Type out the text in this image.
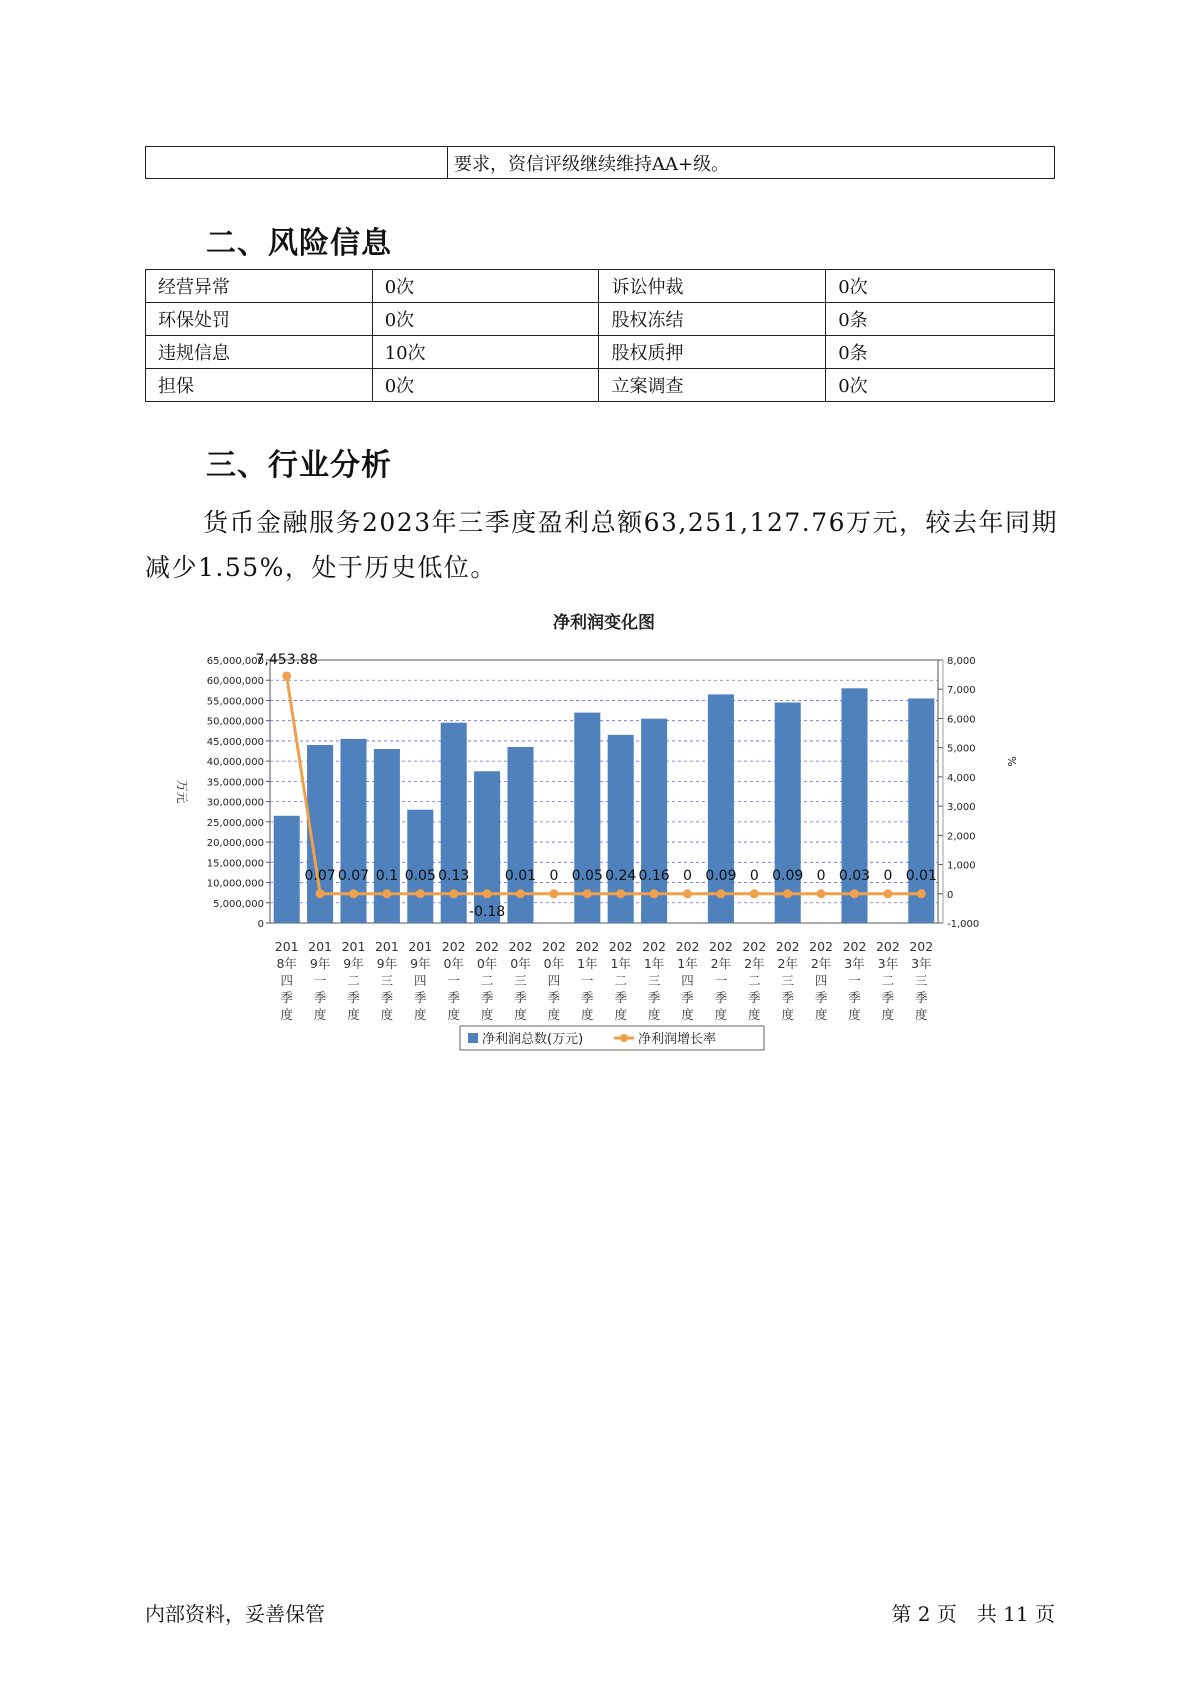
	要求，资信评级继续维持AA+级。
二、风险信息
经营异常	0次	诉讼仲裁	0次
环保处罚	0次	股权冻结	0条
违规信息	10次	股权质押	0条
担保	0次	立案调查	0次
三、行业分析

货币金融服务2023年三季度盈利总额63,251,127.76万元，较去年同期减少1.55%，处于历史低位。

净利润变化图
0
5,000,000
10,000,000
15,000,000
20,000,000
25,000,000
30,000,000
35,000,000
40,000,000
45,000,000
50,000,000
55,000,000
60,000,000
65,000,000
-1,000
0
1,000
2,000
3,000
4,000
5,000
6,000
7,000
8,000
万元
%
7,453.88
0.07 0.07 0.1 0.05 0.13
-0.18
0.01 0 0.05 0.24 0.16 0 0.09 0 0.09 0 0.03 0 0.01
201
8年
四
季
度
201
9年
一
季
度
201
9年
二
季
度
201
9年
三
季
度
201
9年
四
季
度
202
0年
一
季
度
202
0年
二
季
度
202
0年
三
季
度
202
0年
四
季
度
202
1年
一
季
度
202
1年
二
季
度
202
1年
三
季
度
202
1年
四
季
度
202
2年
一
季
度
202
2年
二
季
度
202
2年
三
季
度
202
2年
四
季
度
202
3年
一
季
度
202
3年
二
季
度
202
3年
三
季
度
净利润总数(万元)	净利润增长率
内部资料，妥善保管	第 2 页　共 11 页
